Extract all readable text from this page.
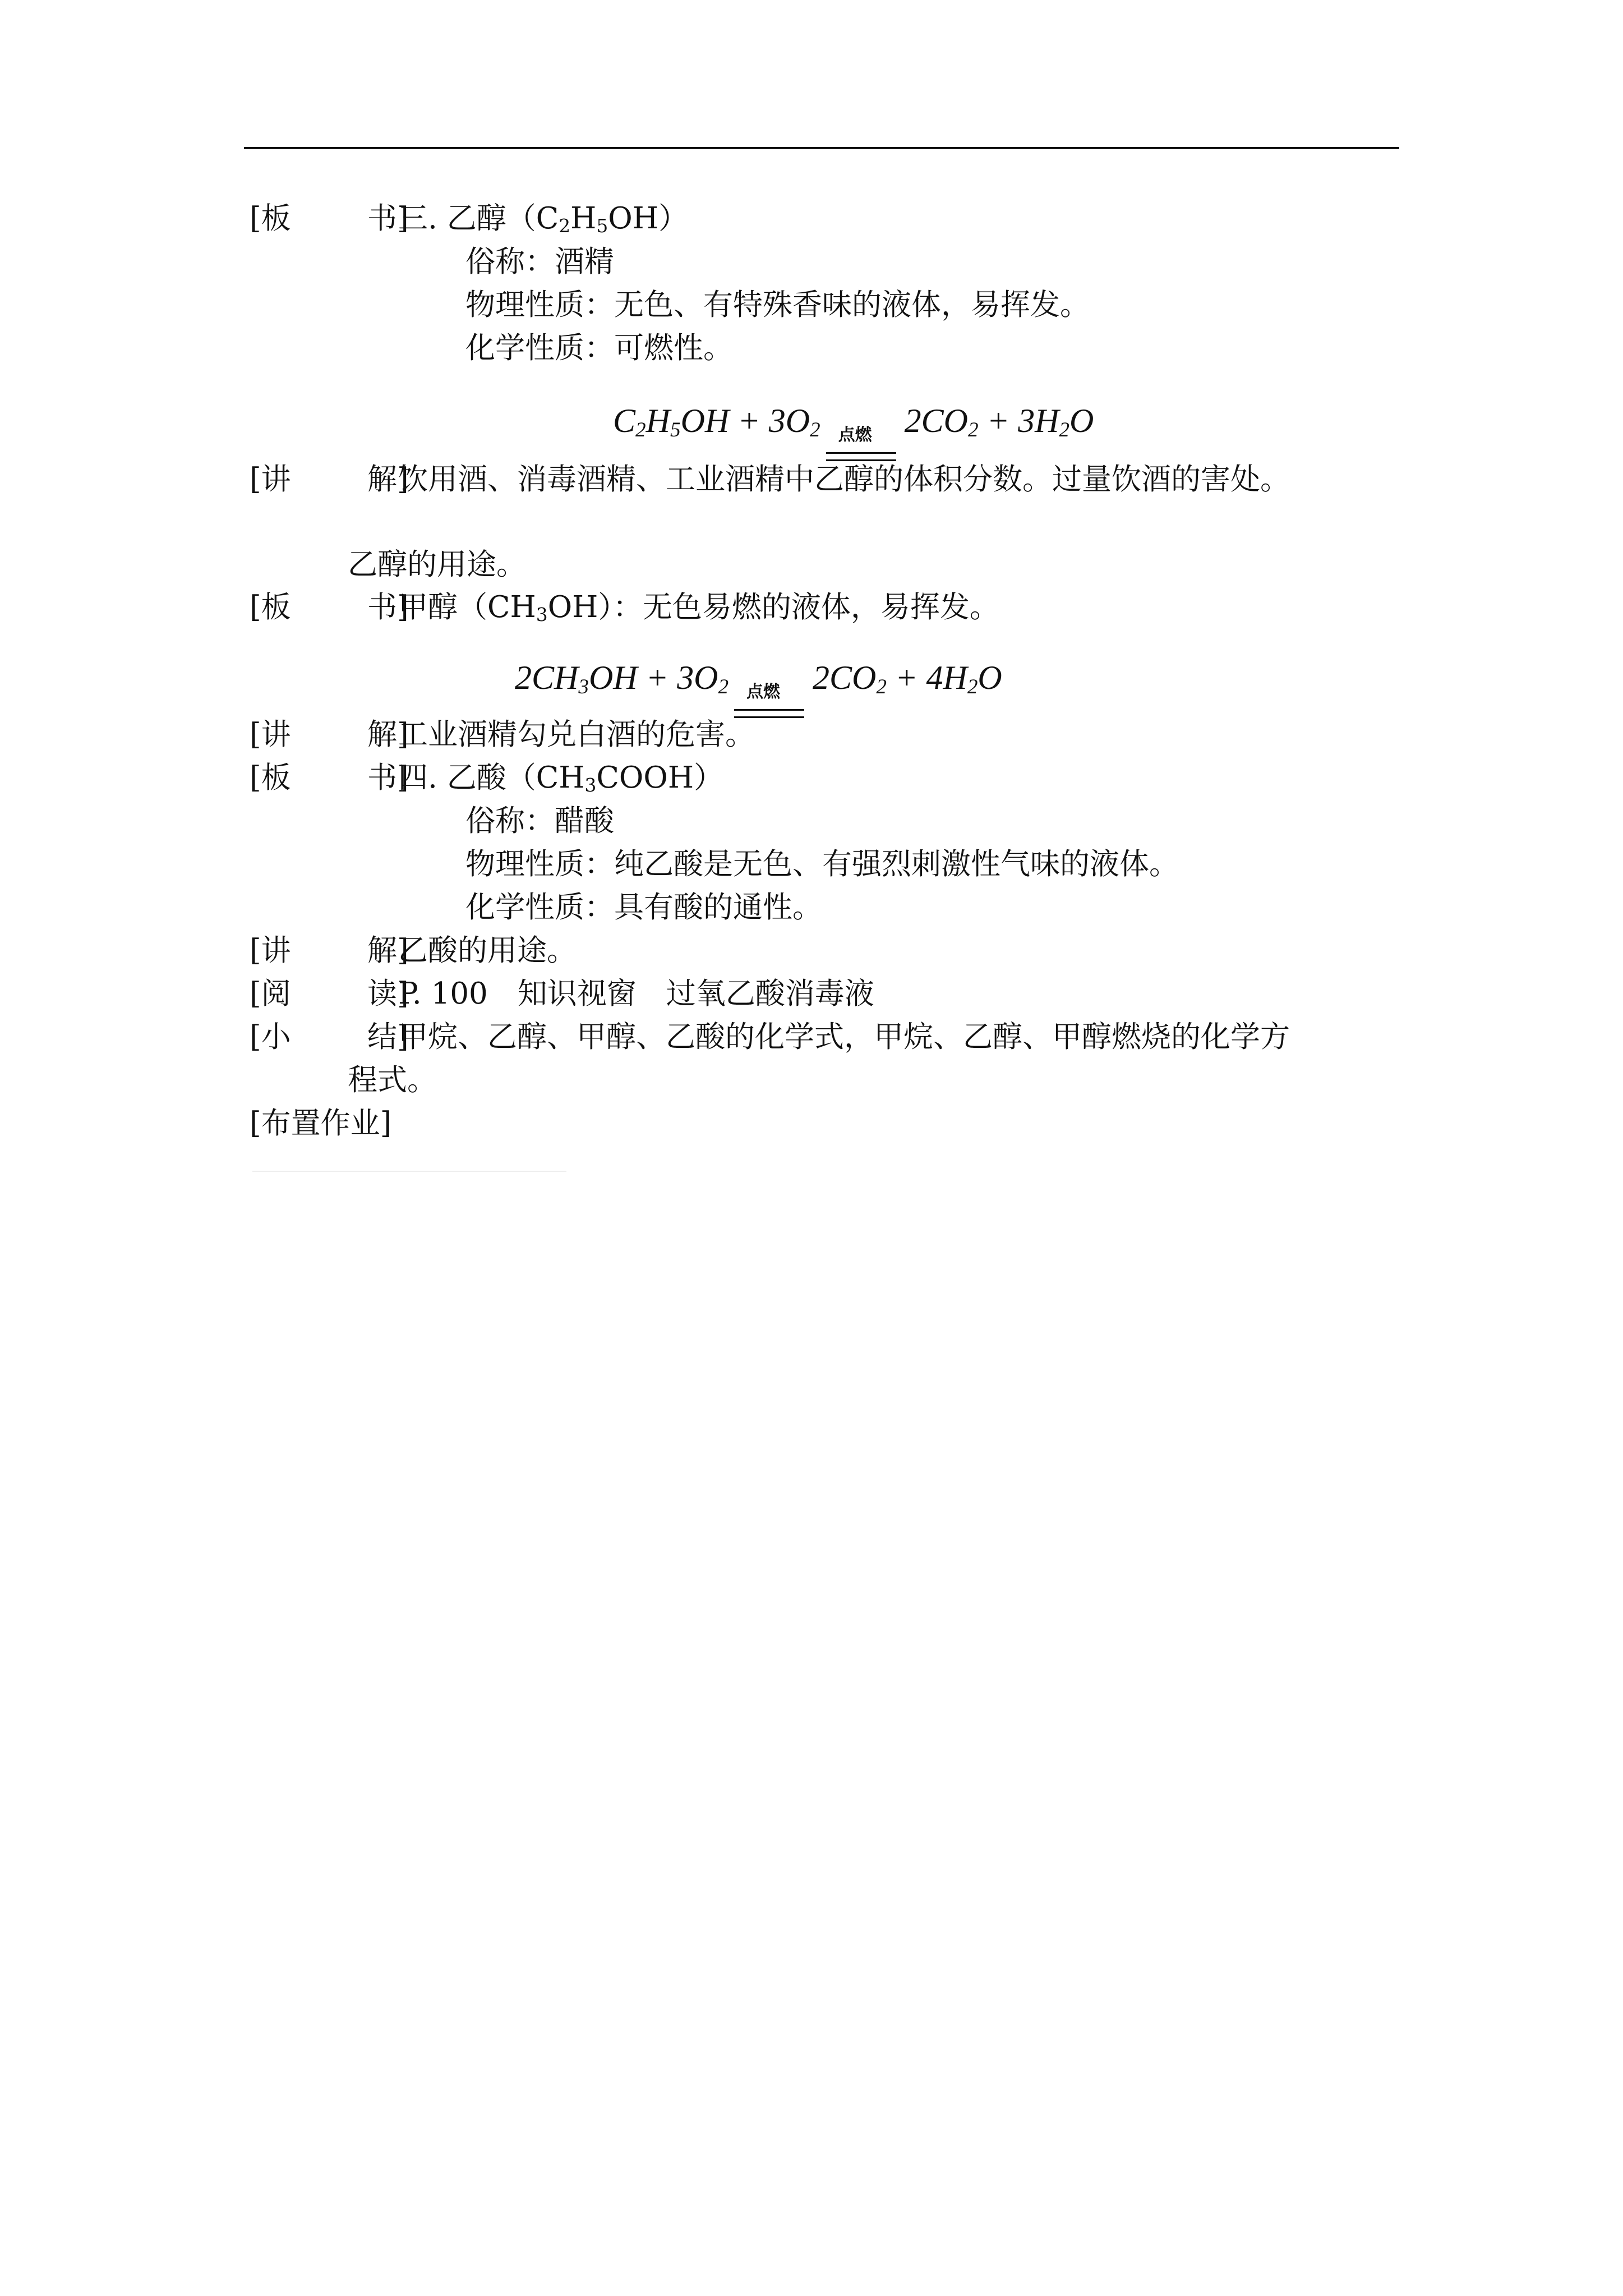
[板	书]
三. 乙醇$(C_2H_5OH)$
俗称：酒精
物理性质：无色、有特殊香味的液体，易挥发。
化学性质：可燃性。
$C_2H_5OH + 3O_2$ 点燃 $2CO_2 + 3H_2O$
[讲	解]
饮用酒、消毒酒精、工业酒精中乙醇的体积分数。过量饮酒的害处。
乙醇的用途。
[板	书]
甲醇$(CH_3OH)$：无色易燃的液体，易挥发。
$2CH_3OH + 3O_2$ 点燃 $2CO_2 + 4H_2O$
[讲	解]
工业酒精勾兑白酒的危害。
[板	书]
四. 乙酸$(CH_3COOH)$
俗称：醋酸
物理性质：纯乙酸是无色、有强烈刺激性气味的液体。
化学性质：具有酸的通性。
[讲	解]
乙酸的用途。
[阅	读]
P. 100　知识视窗　过氧乙酸消毒液
[小	结]
甲烷、乙醇、甲醇、乙酸的化学式，甲烷、乙醇、甲醇燃烧的化学方
程式。
[布置作业]
